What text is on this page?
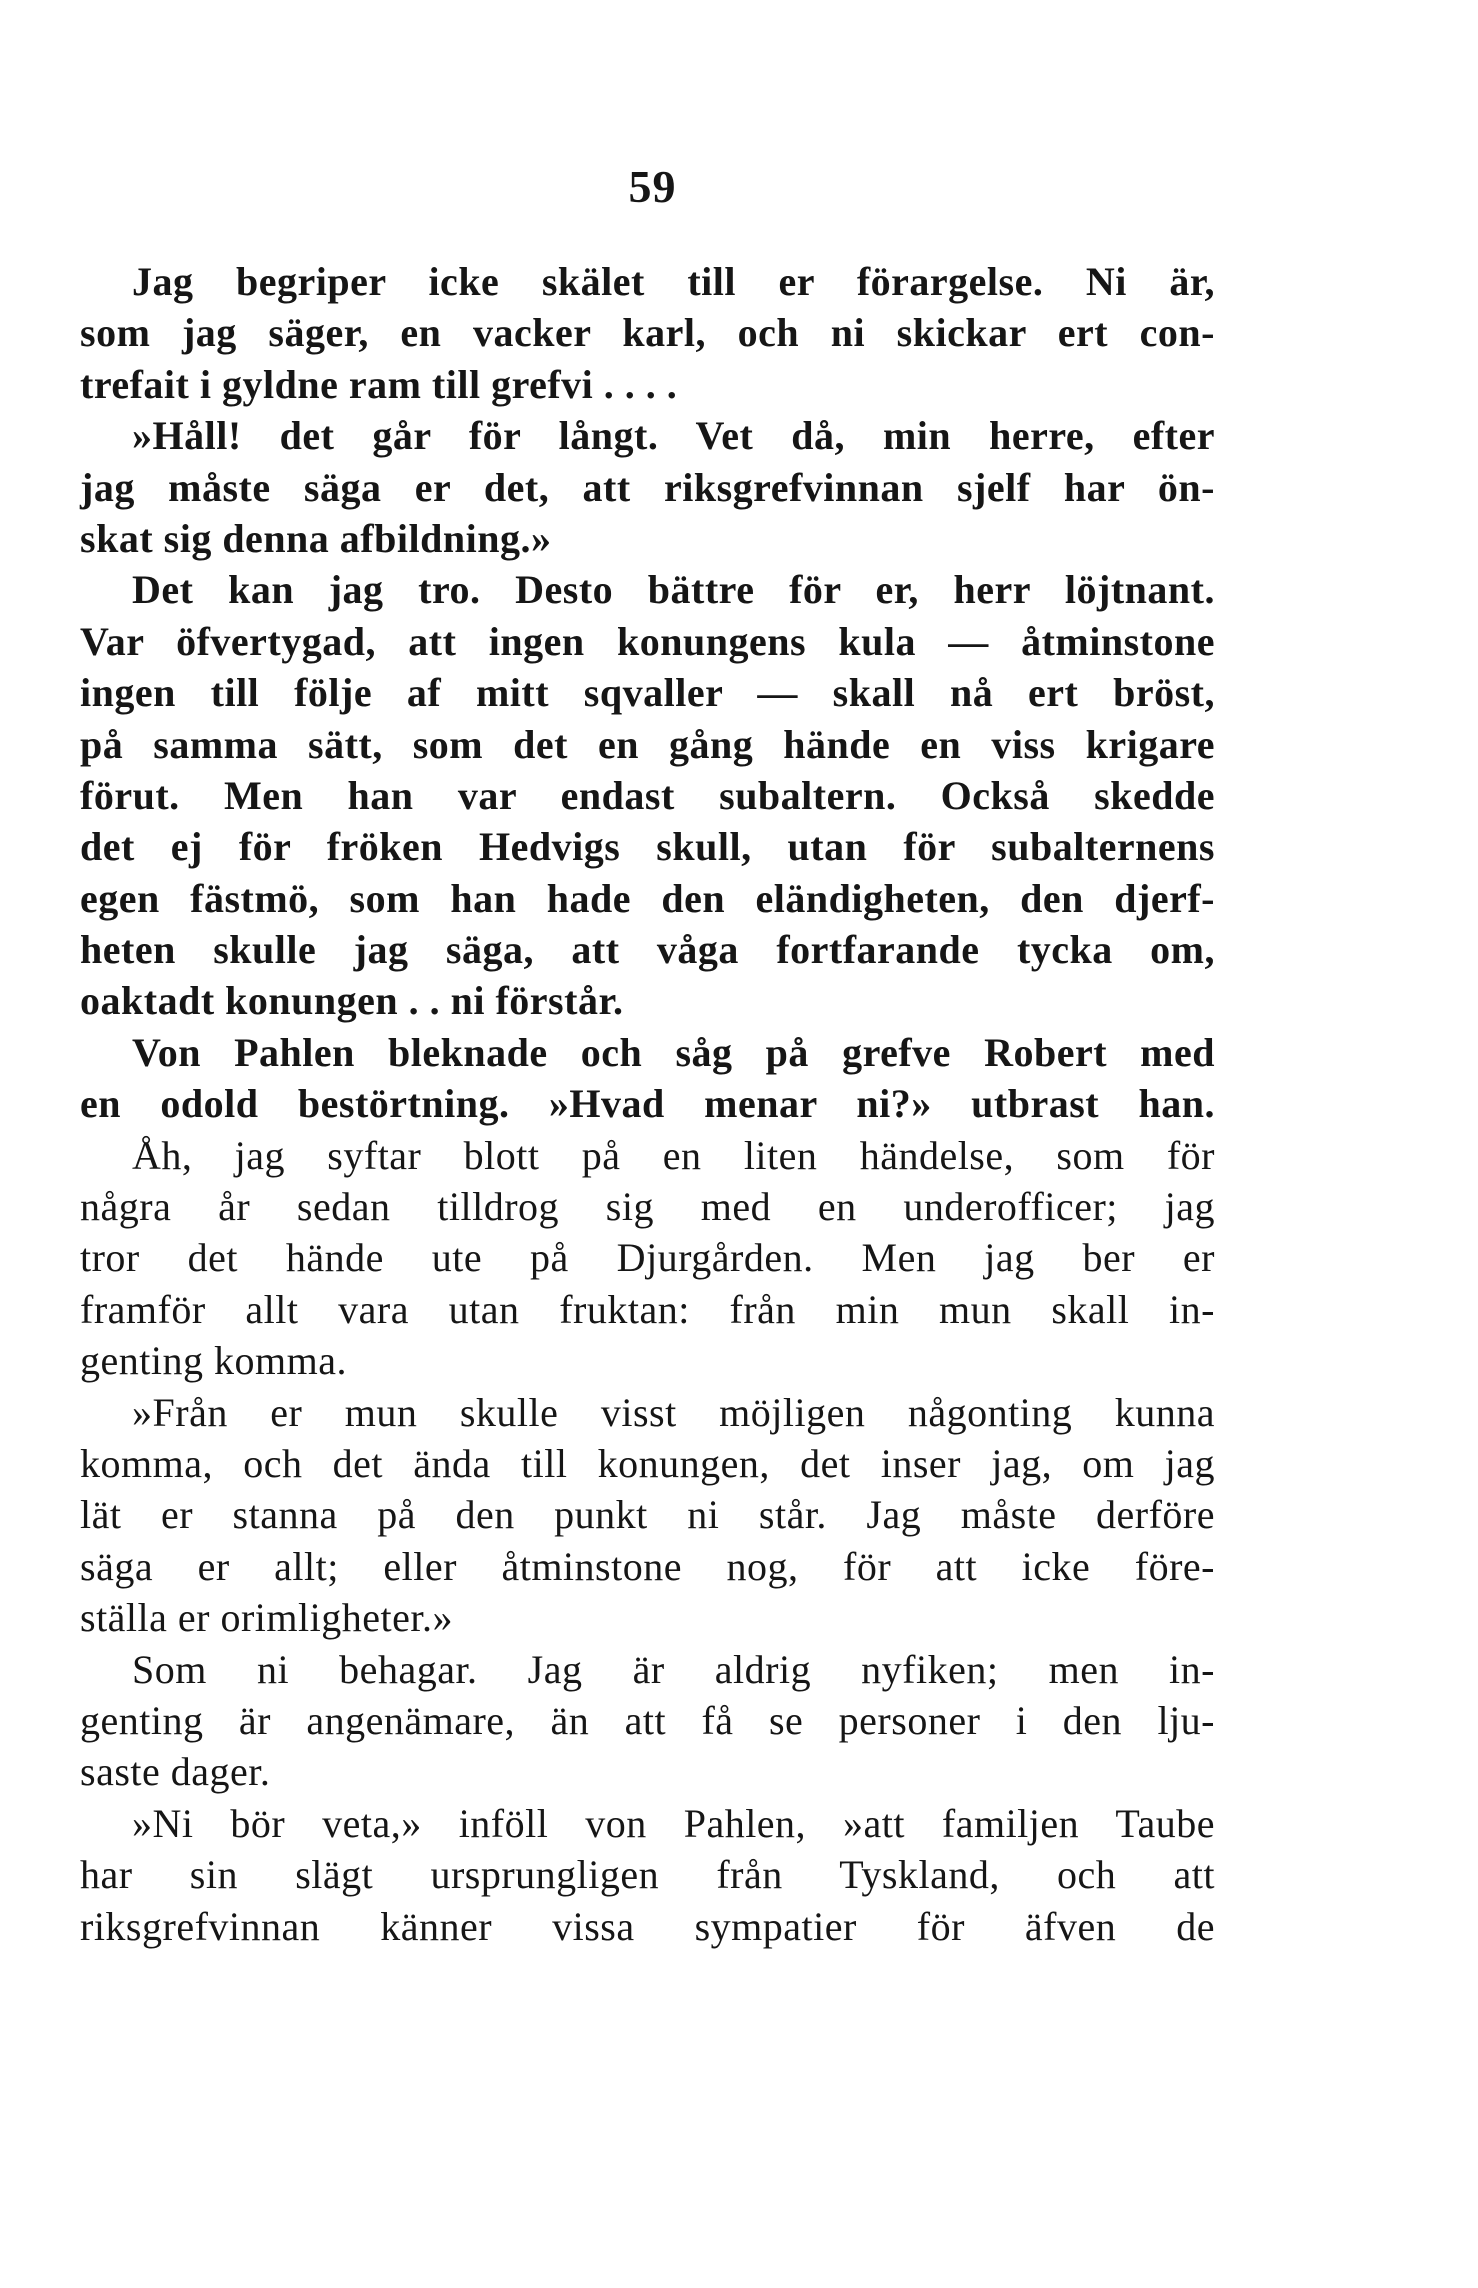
59
Jag begriper icke skälet till er förargelse. Ni är,
som jag säger, en vacker karl, och ni skickar ert con-
trefait i gyldne ram till grefvi . . . .
»Håll! det går för långt. Vet då, min herre, efter
jag måste säga er det, att riksgrefvinnan sjelf har ön-
skat sig denna afbildning.»
Det kan jag tro. Desto bättre för er, herr löjtnant.
Var öfvertygad, att ingen konungens kula — åtminstone
ingen till följe af mitt sqvaller — skall nå ert bröst,
på samma sätt, som det en gång hände en viss krigare
förut. Men han var endast subaltern. Också skedde
det ej för fröken Hedvigs skull, utan för subalternens
egen fästmö, som han hade den eländigheten, den djerf-
heten skulle jag säga, att våga fortfarande tycka om,
oaktadt konungen . . ni förstår.
Von Pahlen bleknade och såg på grefve Robert med
en odold bestörtning. »Hvad menar ni?» utbrast han.
Åh, jag syftar blott på en liten händelse, som för
några år sedan tilldrog sig med en underofficer; jag
tror det hände ute på Djurgården. Men jag ber er
framför allt vara utan fruktan: från min mun skall in-
genting komma.
»Från er mun skulle visst möjligen någonting kunna
komma, och det ända till konungen, det inser jag, om jag
lät er stanna på den punkt ni står. Jag måste derföre
säga er allt; eller åtminstone nog, för att icke före-
ställa er orimligheter.»
Som ni behagar. Jag är aldrig nyfiken; men in-
genting är angenämare, än att få se personer i den lju-
saste dager.
»Ni bör veta,» inföll von Pahlen, »att familjen Taube
har sin slägt ursprungligen från Tyskland, och att
riksgrefvinnan känner vissa sympatier för äfven de
